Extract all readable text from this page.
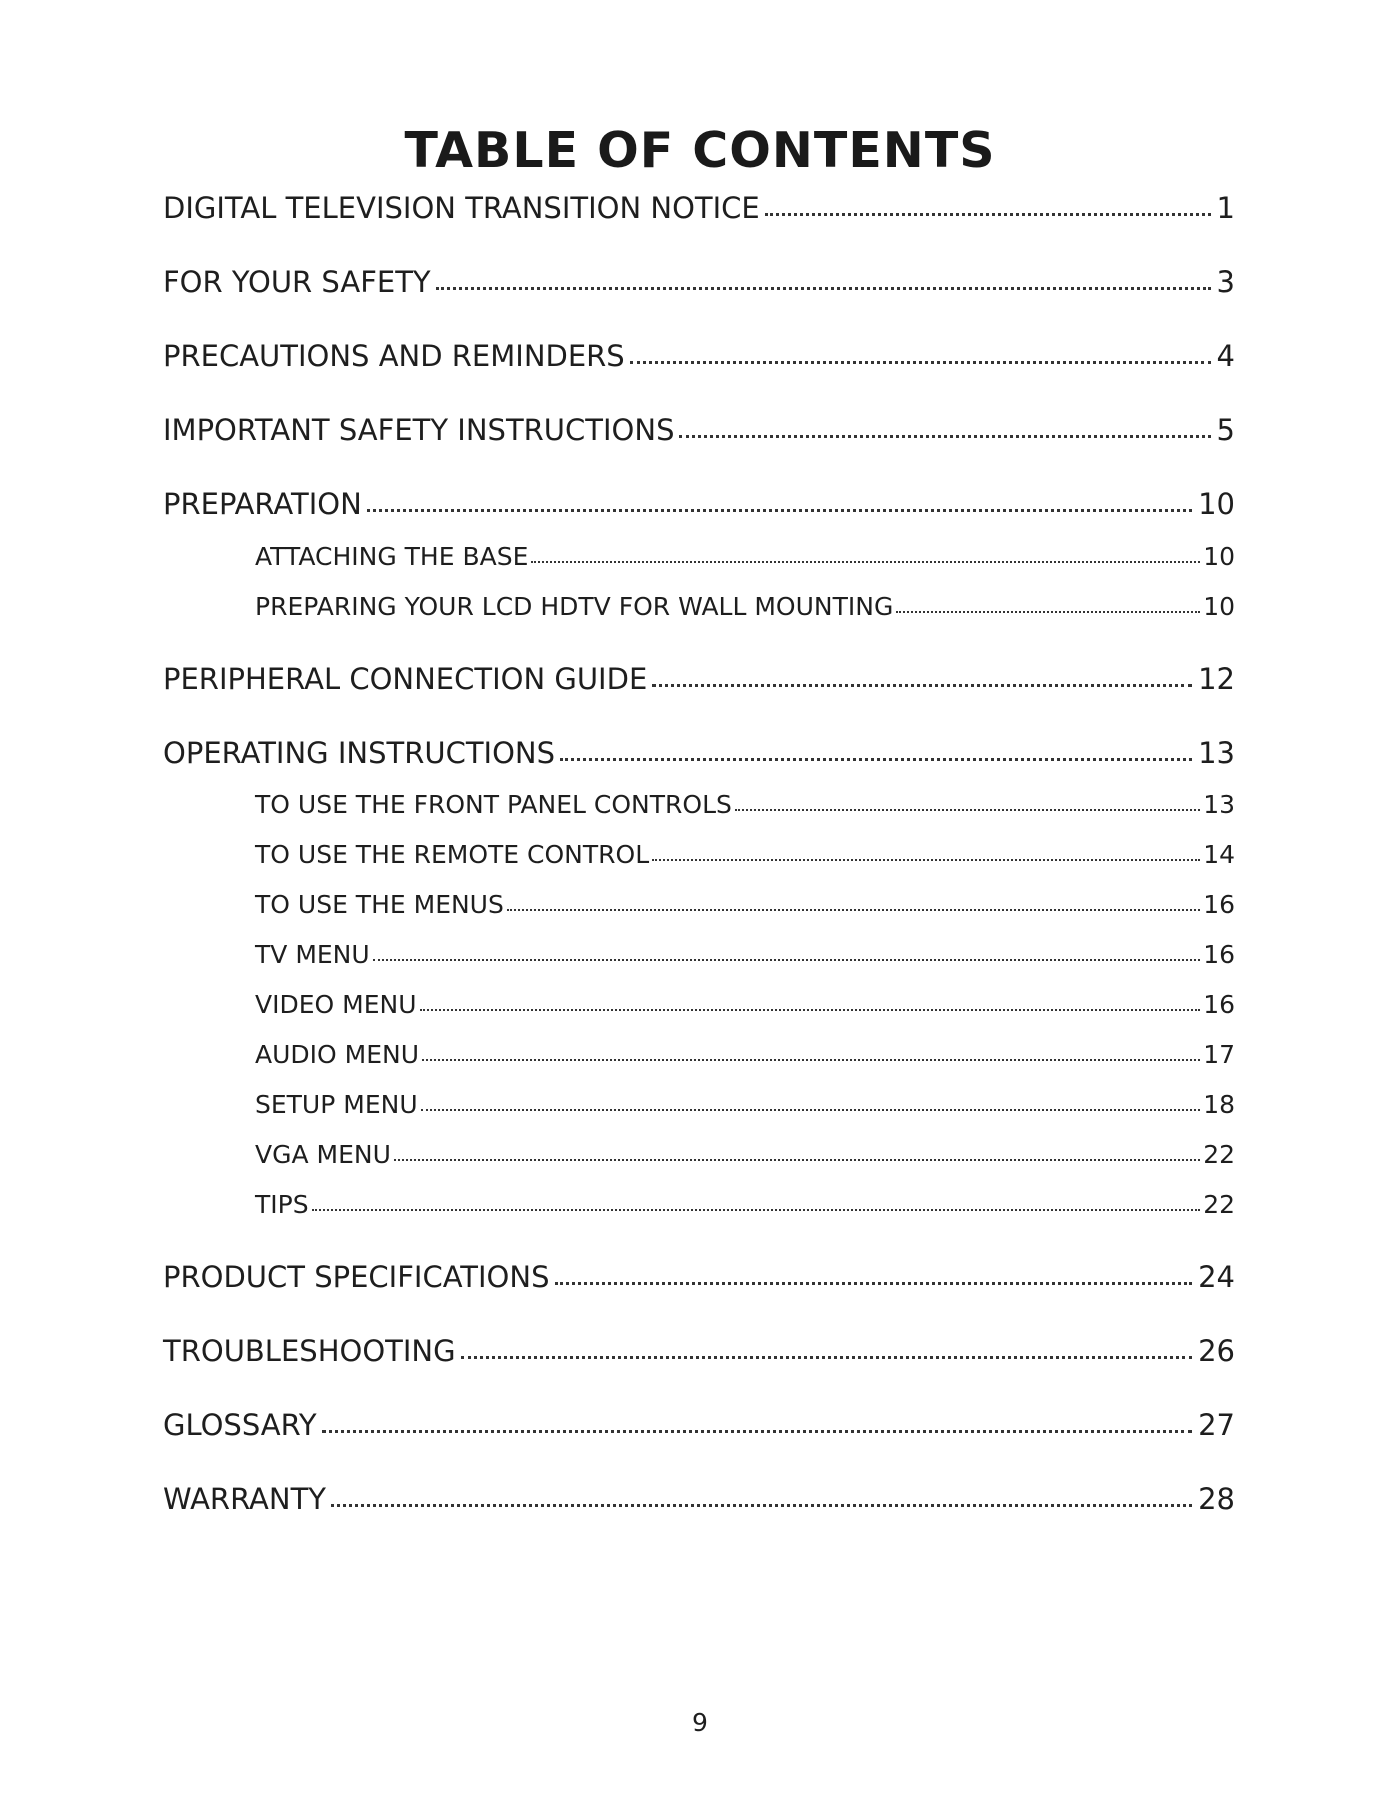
TABLE OF CONTENTS
DIGITAL TELEVISION TRANSITION NOTICE	1
FOR YOUR SAFETY	3
PRECAUTIONS AND REMINDERS	4
IMPORTANT SAFETY INSTRUCTIONS	5
PREPARATION	10
ATTACHING THE BASE	10
PREPARING YOUR LCD HDTV FOR WALL MOUNTING	10
PERIPHERAL CONNECTION GUIDE	12
OPERATING INSTRUCTIONS	13
TO USE THE FRONT PANEL CONTROLS	13
TO USE THE REMOTE CONTROL	14
TO USE THE MENUS	16
TV MENU	16
VIDEO MENU	16
AUDIO MENU	17
SETUP MENU	18
VGA MENU	22
TIPS	22
PRODUCT SPECIFICATIONS	24
TROUBLESHOOTING	26
GLOSSARY	27
WARRANTY	28
9
